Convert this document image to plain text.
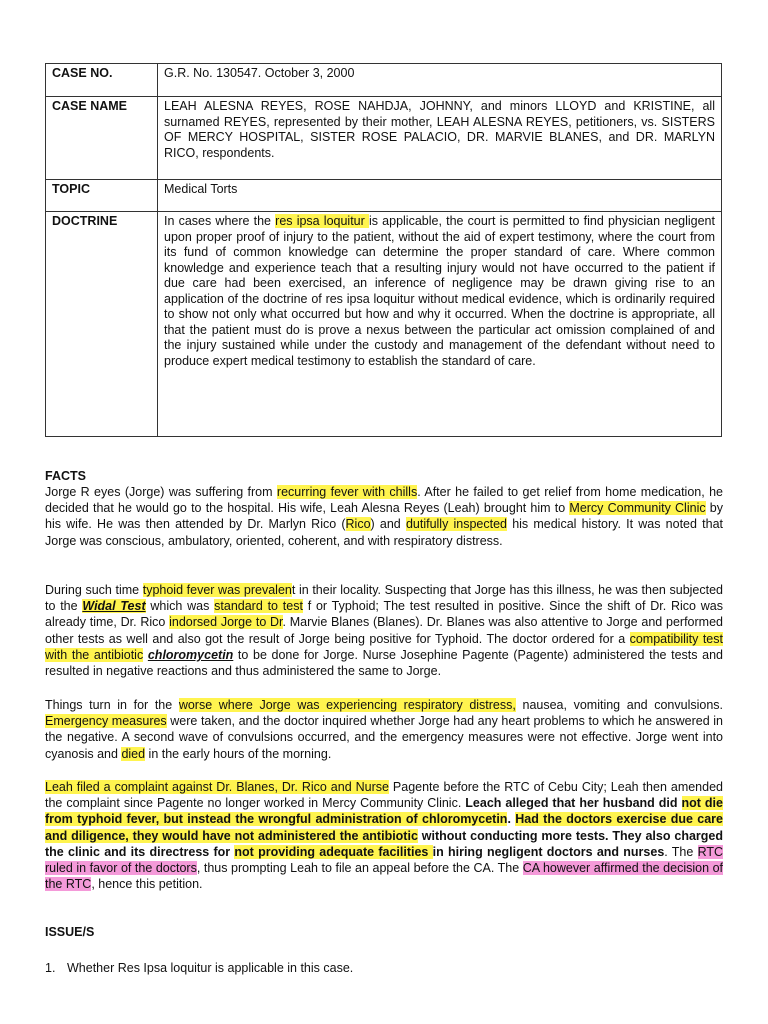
CASE NO.	G.R. No. 130547. October 3, 2000
CASE NAME	LEAH ALESNA REYES, ROSE NAHDJA, JOHNNY, and minors LLOYD and KRISTINE, all surnamed REYES, represented by their mother, LEAH ALESNA REYES, petitioners, vs. SISTERS OF MERCY HOSPITAL, SISTER ROSE PALACIO, DR. MARVIE BLANES, and DR. MARLYN RICO, respondents.
TOPIC	Medical Torts
DOCTRINE	In cases where the res ipsa loquitur is applicable, the court is permitted to find physician negligent upon proper proof of injury to the patient, without the aid of expert testimony, where the court from its fund of common knowledge can determine the proper standard of care. Where common knowledge and experience teach that a resulting injury would not have occurred to the patient if due care had been exercised, an inference of negligence may be drawn giving rise to an application of the doctrine of res ipsa loquitur without medical evidence, which is ordinarily required to show not only what occurred but how and why it occurred. When the doctrine is appropriate, all that the patient must do is prove a nexus between the particular act omission complained of and the injury sustained while under the custody and management of the defendant without need to produce expert medical testimony to establish the standard of care.

FACTS

Jorge R eyes (Jorge) was suffering from recurring fever with chills. After he failed to get relief from home medication, he decided that he would go to the hospital. His wife, Leah Alesna Reyes (Leah) brought him to Mercy Community Clinic by his wife. He was then attended by Dr. Marlyn Rico (Rico) and dutifully inspected his medical history. It was noted that Jorge was conscious, ambulatory, oriented, coherent, and with respiratory distress.

During such time typhoid fever was prevalent in their locality. Suspecting that Jorge has this illness, he was then subjected to the Widal Test which was standard to test f or Typhoid; The test resulted in positive. Since the shift of Dr. Rico was already time, Dr. Rico indorsed Jorge to Dr. Marvie Blanes (Blanes). Dr. Blanes was also attentive to Jorge and performed other tests as well and also got the result of Jorge being positive for Typhoid. The doctor ordered for a compatibility test with the antibiotic chloromycetin to be done for Jorge. Nurse Josephine Pagente (Pagente) administered the tests and resulted in negative reactions and thus administered the same to Jorge.

Things turn in for the worse where Jorge was experiencing respiratory distress, nausea, vomiting and convulsions. Emergency measures were taken, and the doctor inquired whether Jorge had any heart problems to which he answered in the negative. A second wave of convulsions occurred, and the emergency measures were not effective. Jorge went into cyanosis and died in the early hours of the morning.

Leah filed a complaint against Dr. Blanes, Dr. Rico and Nurse Pagente before the RTC of Cebu City; Leah then amended the complaint since Pagente no longer worked in Mercy Community Clinic. Leach alleged that her husband did not die from typhoid fever, but instead the wrongful administration of chloromycetin. Had the doctors exercise due care and diligence, they would have not administered the antibiotic without conducting more tests. They also charged the clinic and its directress for not providing adequate facilities in hiring negligent doctors and nurses. The RTC ruled in favor of the doctors, thus prompting Leah to file an appeal before the CA. The CA however affirmed the decision of the RTC, hence this petition.

ISSUE/S

1. Whether Res Ipsa loquitur is applicable in this case.
